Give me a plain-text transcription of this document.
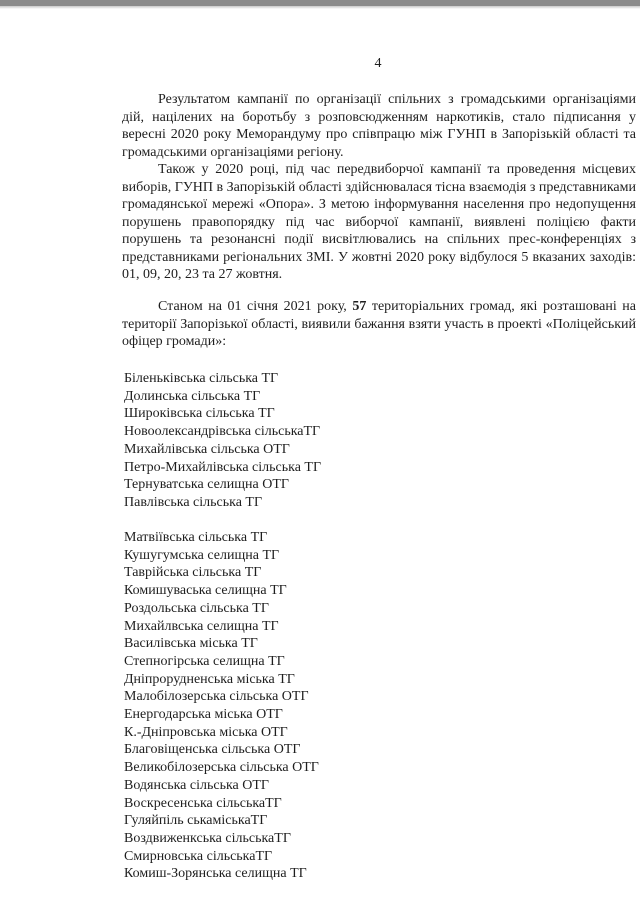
4

Результатом кампанії по організації спільних з громадськими організаціями дій, націлених на боротьбу з розповсюдженням наркотиків, стало підписання у вересні 2020 року Меморандуму про співпрацю між ГУНП в Запорізькій області та громадськими організаціями регіону.

Також у 2020 році, під час передвиборчої кампанії та проведення місцевих виборів, ГУНП в Запорізькій області здійснювалася тісна взаємодія з представниками громадянської мережі «Опора». З метою інформування населення про недопущення порушень правопорядку під час виборчої кампанії, виявлені поліцією факти порушень та резонансні події висвітлювались на спільних прес-конференціях з представниками регіональних ЗМІ. У жовтні 2020 року відбулося 5 вказаних заходів: 01, 09, 20, 23 та 27 жовтня.

Станом на 01 січня 2021 року, 57 територіальних громад, які розташовані на території Запорізької області, виявили бажання взяти участь в проекті «Поліцейський офіцер громади»:

Біленьківська сільська ТГ
Долинська сільська ТГ
Широківська сільська ТГ
Новоолександрівська сільськаТГ
Михайлівська сільська ОТГ
Петро-Михайлівська сільська ТГ
Тернуватська селищна ОТГ
Павлівська сільська ТГ
Матвіївська сільська ТГ
Кушугумська селищна ТГ
Таврійська сільська ТГ
Комишуваська селищна ТГ
Роздольська сільська ТГ
Михайлвська селищна ТГ
Василівська міська ТГ
Степногірська селищна ТГ
Дніпрорудненська міська ТГ
Малобілозерська сільська ОТГ
Енергодарська міська ОТГ
К.-Дніпровська міська ОТГ
Благовіщенська сільська ОТГ
Великобілозерська сільська ОТГ
Водянська сільська ОТГ
Воскресенська сільськаТГ
Гуляйпіль ськаміськаТГ
Воздвиженкська сільськаТГ
Смирновська сільськаТГ
Комиш-Зорянська селищна ТГ
